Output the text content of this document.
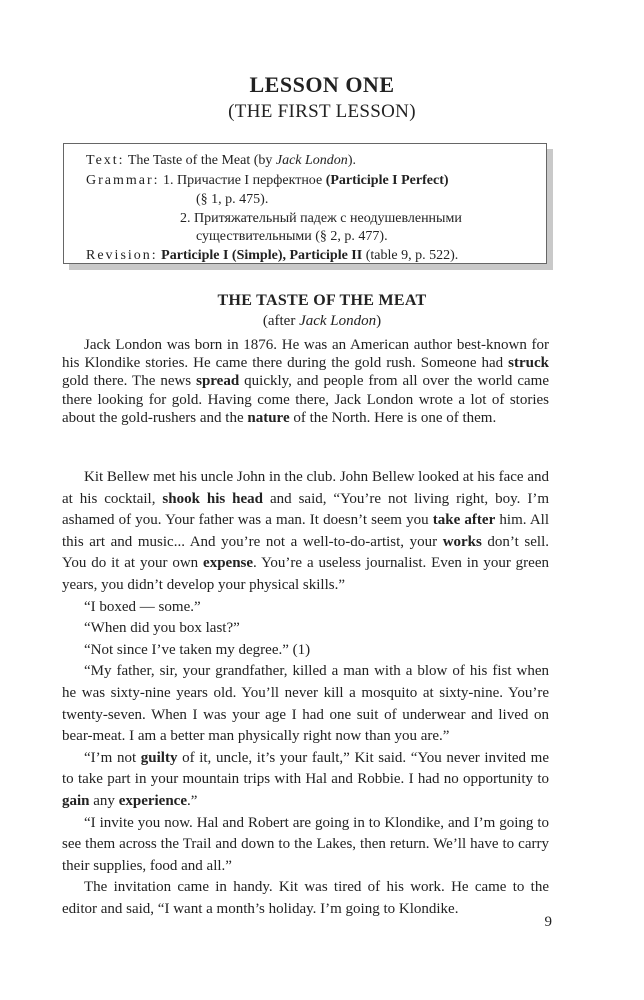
LESSON ONE
(THE FIRST LESSON)
Text: The Taste of the Meat (by Jack London).
Grammar: 1. Причастие I перфектное (Participle I Perfect)
(§ 1, p. 475).
2. Притяжательный падеж с неодушевленными
существительными (§ 2, p. 477).
Revision: Participle I (Simple), Participle II (table 9, p. 522).
THE TASTE OF THE MEAT
(after Jack London)

Jack London was born in 1876. He was an American author best-known for his Klondike stories. He came there during the gold rush. Someone had struck gold there. The news spread quickly, and people from all over the world came there looking for gold. Having come there, Jack London wrote a lot of stories about the gold-rushers and the nature of the North. Here is one of them.

Kit Bellew met his uncle John in the club. John Bellew looked at his face and at his cocktail, shook his head and said, “You’re not living right, boy. I’m ashamed of you. Your father was a man. It doesn’t seem you take after him. All this art and music... And you’re not a well-to-do-artist, your works don’t sell. You do it at your own expense. You’re a useless journalist. Even in your green years, you didn’t develop your physical skills.”

“I boxed — some.”

“When did you box last?”

“Not since I’ve taken my degree.” (1)

“My father, sir, your grandfather, killed a man with a blow of his fist when he was sixty-nine years old. You’ll never kill a mosquito at sixty-nine. You’re twenty-seven. When I was your age I had one suit of underwear and lived on bear-meat. I am a better man physically right now than you are.”

“I’m not guilty of it, uncle, it’s your fault,” Kit said. “You never invited me to take part in your mountain trips with Hal and Robbie. I had no opportunity to gain any experience.”

“I invite you now. Hal and Robert are going in to Klondike, and I’m going to see them across the Trail and down to the Lakes, then return. We’ll have to carry their supplies, food and all.”

The invitation came in handy. Kit was tired of his work. He came to the editor and said, “I want a month’s holiday. I’m going to Klondike.

9
